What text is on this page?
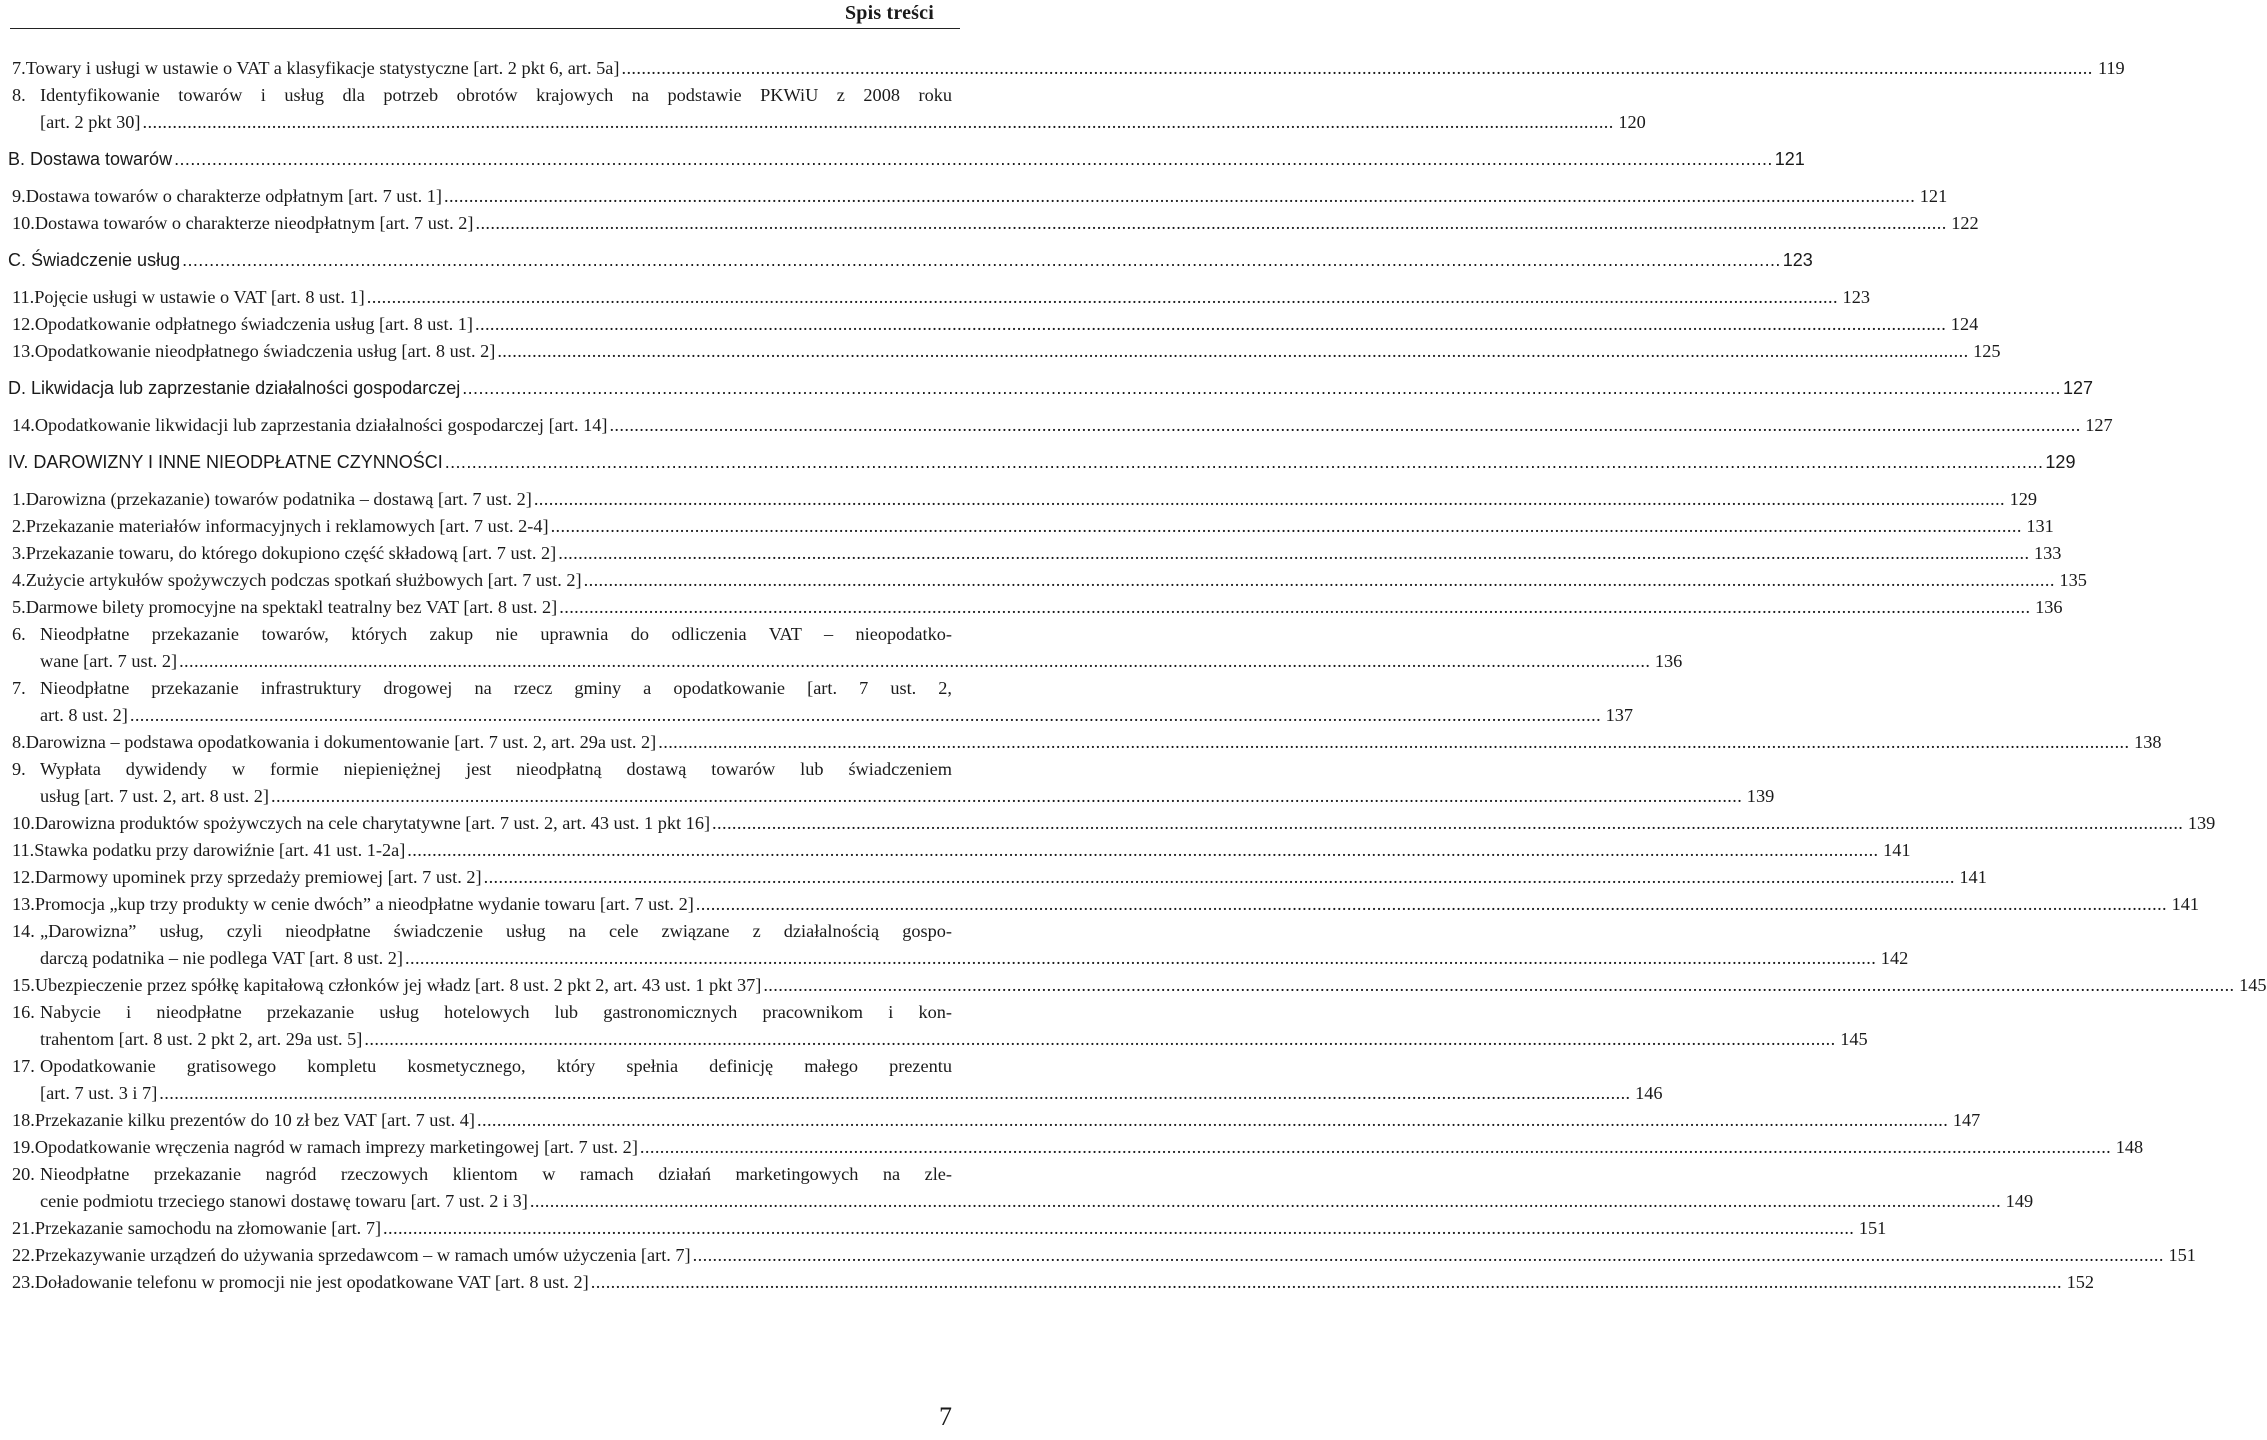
Spis treści
7. Towary i usługi w ustawie o VAT a klasyfikacje statystyczne [art. 2 pkt 6, art. 5a] .....	119
8. Identyfikowanie towarów i usług dla potrzeb obrotów krajowych na podstawie PKWiU z 2008 roku
[art. 2 pkt 30] .....	120
B. Dostawa towarów .....	121
9. Dostawa towarów o charakterze odpłatnym [art. 7 ust. 1] .....	121
10. Dostawa towarów o charakterze nieodpłatnym [art. 7 ust. 2] .....	122
C. Świadczenie usług .....	123
11. Pojęcie usługi w ustawie o VAT [art. 8 ust. 1] .....	123
12. Opodatkowanie odpłatnego świadczenia usług [art. 8 ust. 1] .....	124
13. Opodatkowanie nieodpłatnego świadczenia usług [art. 8 ust. 2] .....	125
D. Likwidacja lub zaprzestanie działalności gospodarczej .....	127
14. Opodatkowanie likwidacji lub zaprzestania działalności gospodarczej [art. 14] .....	127
IV. DAROWIZNY I INNE NIEODPŁATNE CZYNNOŚCI .....	129
1. Darowizna (przekazanie) towarów podatnika – dostawą [art. 7 ust. 2] .....	129
2. Przekazanie materiałów informacyjnych i reklamowych [art. 7 ust. 2-4] .....	131
3. Przekazanie towaru, do którego dokupiono część składową [art. 7 ust. 2] .....	133
4. Zużycie artykułów spożywczych podczas spotkań służbowych [art. 7 ust. 2] .....	135
5. Darmowe bilety promocyjne na spektakl teatralny bez VAT [art. 8 ust. 2] .....	136
6. Nieodpłatne przekazanie towarów, których zakup nie uprawnia do odliczenia VAT – nieopodatko-
wane [art. 7 ust. 2] .....	136
7. Nieodpłatne przekazanie infrastruktury drogowej na rzecz gminy a opodatkowanie [art. 7 ust. 2,
art. 8 ust. 2] .....	137
8. Darowizna – podstawa opodatkowania i dokumentowanie [art. 7 ust. 2, art. 29a ust. 2] .....	138
9. Wypłata dywidendy w formie niepieniężnej jest nieodpłatną dostawą towarów lub świadczeniem
usług [art. 7 ust. 2, art. 8 ust. 2] .....	139
10. Darowizna produktów spożywczych na cele charytatywne [art. 7 ust. 2, art. 43 ust. 1 pkt 16] .....	139
11. Stawka podatku przy darowiźnie [art. 41 ust. 1-2a] .....	141
12. Darmowy upominek przy sprzedaży premiowej [art. 7 ust. 2] .....	141
13. Promocja „kup trzy produkty w cenie dwóch” a nieodpłatne wydanie towaru [art. 7 ust. 2] .....	141
14. „Darowizna” usług, czyli nieodpłatne świadczenie usług na cele związane z działalnością gospo-
darczą podatnika – nie podlega VAT [art. 8 ust. 2] .....	142
15. Ubezpieczenie przez spółkę kapitałową członków jej władz [art. 8 ust. 2 pkt 2, art. 43 ust. 1 pkt 37] .....	145
16. Nabycie i nieodpłatne przekazanie usług hotelowych lub gastronomicznych pracownikom i kon-
trahentom [art. 8 ust. 2 pkt 2, art. 29a ust. 5] .....	145
17. Opodatkowanie gratisowego kompletu kosmetycznego, który spełnia definicję małego prezentu
[art. 7 ust. 3 i 7] .....	146
18. Przekazanie kilku prezentów do 10 zł bez VAT [art. 7 ust. 4] .....	147
19. Opodatkowanie wręczenia nagród w ramach imprezy marketingowej [art. 7 ust. 2] .....	148
20. Nieodpłatne przekazanie nagród rzeczowych klientom w ramach działań marketingowych na zle-
cenie podmiotu trzeciego stanowi dostawę towaru [art. 7 ust. 2 i 3] .....	149
21. Przekazanie samochodu na złomowanie [art. 7] .....	151
22. Przekazywanie urządzeń do używania sprzedawcom – w ramach umów użyczenia [art. 7] .....	151
23. Doładowanie telefonu w promocji nie jest opodatkowane VAT [art. 8 ust. 2] .....	152
7
